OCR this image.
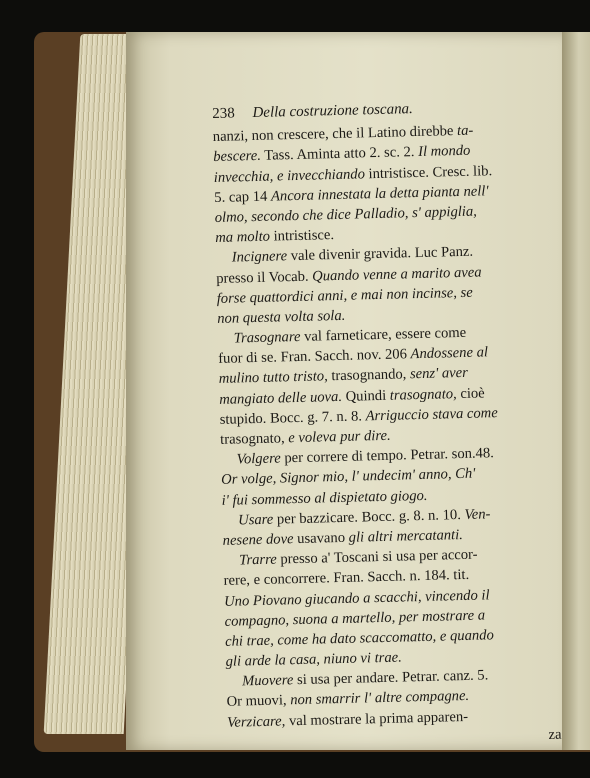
238 Della costruzione toscana.
nanzi, non crescere, che il Latino direbbe ta-
bescere. Tass. Aminta atto 2. sc. 2. Il mondo
invecchia, e invecchiando intristisce. Cresc. lib.
5. cap 14 Ancora innestata la detta pianta nell'
olmo, secondo che dice Palladio, s' appiglia,
ma molto intristisce.
Incignere vale divenir gravida. Luc Panz.
presso il Vocab. Quando venne a marito avea
forse quattordici anni, e mai non incinse, se
non questa volta sola.
Trasognare val farneticare, essere come
fuor di se. Fran. Sacch. nov. 206 Andossene al
mulino tutto tristo, trasognando, senz' aver
mangiato delle uova. Quindi trasognato, cioè
stupido. Bocc. g. 7. n. 8. Arriguccio stava come
trasognato, e voleva pur dire.
Volgere per correre di tempo. Petrar. son.48.
Or volge, Signor mio, l' undecim' anno, Ch'
i' fui sommesso al dispietato giogo.
Usare per bazzicare. Bocc. g. 8. n. 10. Ven-
nesene dove usavano gli altri mercatanti.
Trarre presso a' Toscani si usa per accor-
rere, e concorrere. Fran. Sacch. n. 184. tit.
Uno Piovano giucando a scacchi, vincendo il
compagno, suona a martello, per mostrare a
chi trae, come ha dato scaccomatto, e quando
gli arde la casa, niuno vi trae.
Muovere si usa per andare. Petrar. canz. 5.
Or muovi, non smarrir l' altre compagne.
Verzicare, val mostrare la prima apparen-
za
